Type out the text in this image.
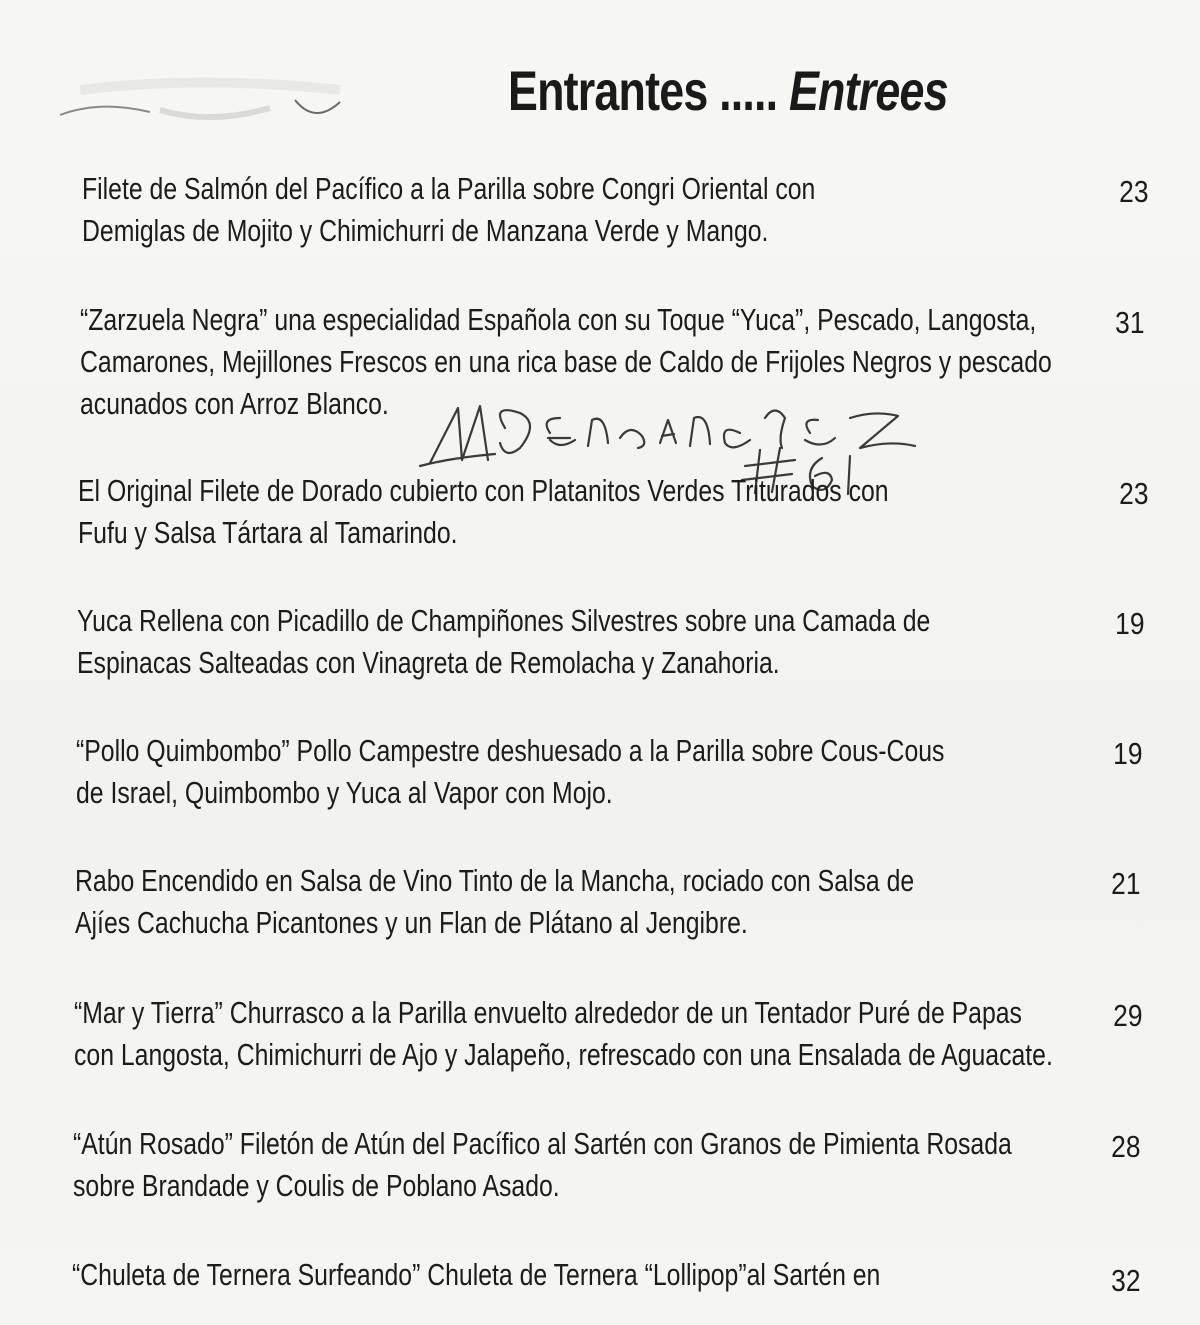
Entrantes ..... Entrees
Filete de Salmón del Pacífico a la Parilla sobre Congri Oriental con
Demiglas de Mojito y Chimichurri de Manzana Verde y Mango.
23
“Zarzuela Negra” una especialidad Española con su Toque “Yuca”, Pescado, Langosta,
Camarones, Mejillones Frescos en una rica base de Caldo de Frijoles Negros y pescado
acunados con Arroz Blanco.
31
El Original Filete de Dorado cubierto con Platanitos Verdes Triturados con
Fufu y Salsa Tártara al Tamarindo.
23
Yuca Rellena con Picadillo de Champiñones Silvestres sobre una Camada de
Espinacas Salteadas con Vinagreta de Remolacha y Zanahoria.
19
“Pollo Quimbombo” Pollo Campestre deshuesado a la Parilla sobre Cous-Cous
de Israel, Quimbombo y Yuca al Vapor con Mojo.
19
Rabo Encendido en Salsa de Vino Tinto de la Mancha, rociado con Salsa de
Ajíes Cachucha Picantones y un Flan de Plátano al Jengibre.
21
“Mar y Tierra” Churrasco a la Parilla envuelto alrededor de un Tentador Puré de Papas
con Langosta, Chimichurri de Ajo y Jalapeño, refrescado con una Ensalada de Aguacate.
29
“Atún Rosado” Filetón de Atún del Pacífico al Sartén con Granos de Pimienta Rosada
sobre Brandade y Coulis de Poblano Asado.
28
“Chuleta de Ternera Surfeando” Chuleta de Ternera “Lollipop”al Sartén en	32
